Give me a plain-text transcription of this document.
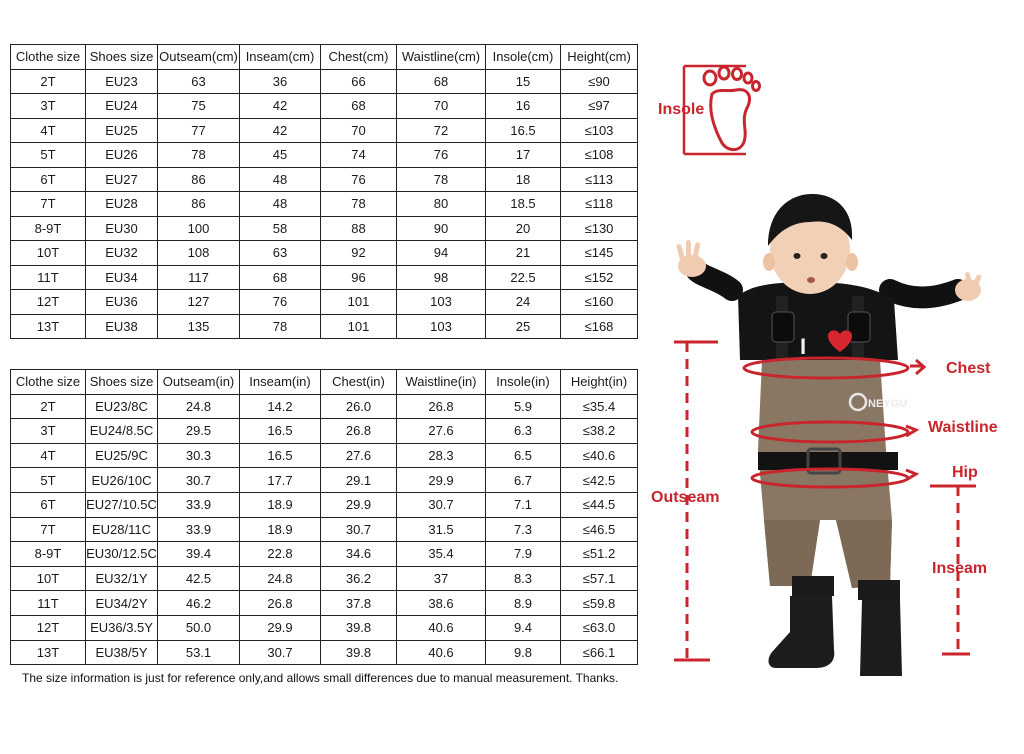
Clothe size	Shoes size	Outseam(cm)	Inseam(cm)	Chest(cm)	Waistline(cm)	Insole(cm)	Height(cm)
2T	EU23	63	36	66	68	15	≤90
3T	EU24	75	42	68	70	16	≤97
4T	EU25	77	42	70	72	16.5	≤103
5T	EU26	78	45	74	76	17	≤108
6T	EU27	86	48	76	78	18	≤113
7T	EU28	86	48	78	80	18.5	≤118
8-9T	EU30	100	58	88	90	20	≤130
10T	EU32	108	63	92	94	21	≤145
11T	EU34	117	68	96	98	22.5	≤152
12T	EU36	127	76	101	103	24	≤160
13T	EU38	135	78	101	103	25	≤168
Clothe size	Shoes size	Outseam(in)	Inseam(in)	Chest(in)	Waistline(in)	Insole(in)	Height(in)
2T	EU23/8C	24.8	14.2	26.0	26.8	5.9	≤35.4
3T	EU24/8.5C	29.5	16.5	26.8	27.6	6.3	≤38.2
4T	EU25/9C	30.3	16.5	27.6	28.3	6.5	≤40.6
5T	EU26/10C	30.7	17.7	29.1	29.9	6.7	≤42.5
6T	EU27/10.5C	33.9	18.9	29.9	30.7	7.1	≤44.5
7T	EU28/11C	33.9	18.9	30.7	31.5	7.3	≤46.5
8-9T	EU30/12.5C	39.4	22.8	34.6	35.4	7.9	≤51.2
10T	EU32/1Y	42.5	24.8	36.2	37	8.3	≤57.1
11T	EU34/2Y	46.2	26.8	37.8	38.6	8.9	≤59.8
12T	EU36/3.5Y	50.0	29.9	39.8	40.6	9.4	≤63.0
13T	EU38/5Y	53.1	30.7	39.8	40.6	9.8	≤66.1
The size information is just for reference only,and allows small differences due to manual measurement. Thanks.
I
NEYGU
Insole
Chest
Waistline
Hip
Outseam
Inseam
